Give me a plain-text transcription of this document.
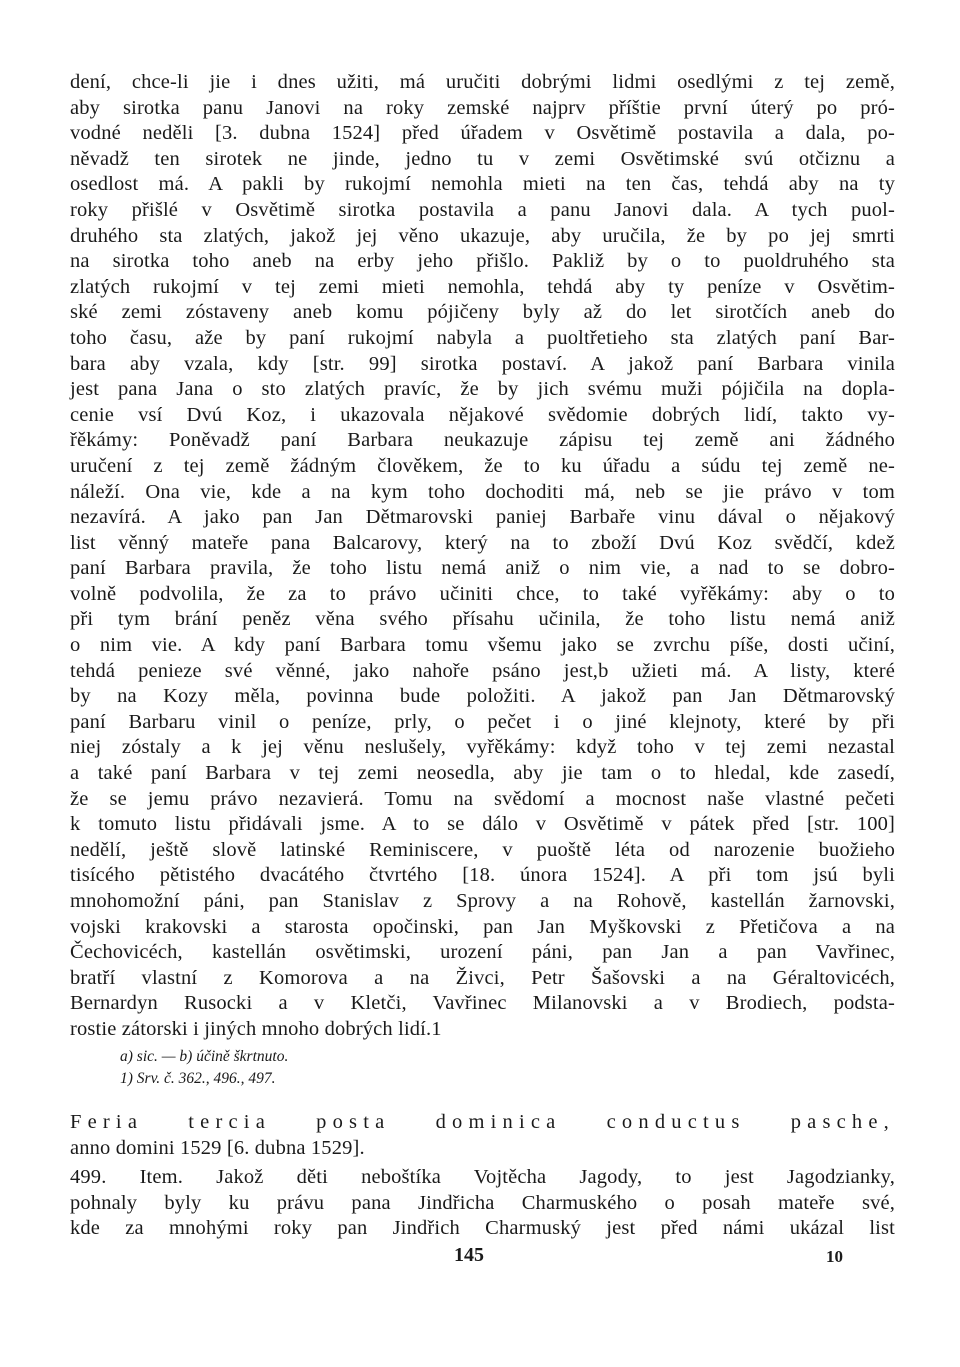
dení, chce-li jie i dnes užiti, má uručiti dobrými lidmi osedlými z tej země,
aby sirotka panu Janovi na roky zemské najprv příštie první úterý po pró-
vodné neděli [3. dubna 1524] před úřadem v Osvětimě postavila a dala, po-
něvadž ten sirotek ne jinde, jedno tu v zemi Osvětimské svú otčiznu a
osedlost má. A pakli by rukojmí nemohla mieti na ten čas, tehdá aby na ty
roky přišlé v Osvětimě sirotka postavila a panu Janovi dala. A tych puol-
druhého sta zlatých, jakož jej věno ukazuje, aby uručila, že by po jej smrti
na sirotka toho aneb na erby jeho přišlo. Pakliž by o to puoldruhého sta
zlatých rukojmí v tej zemi mieti nemohla, tehdá aby ty peníze v Osvětim-
ské zemi zóstaveny aneb komu pójičeny byly až do let sirotčích aneb do
toho času, aže by paní rukojmí nabyla a puoltřetieho sta zlatých paní Bar-
bara aby vzala, kdy [str. 99] sirotka postaví. A jakož paní Barbara vinila
jest pana Jana o sto zlatých pravíc, že by jich svému muži pójičila na dopla-
cenie vsí Dvú Koz, i ukazovala nějakové svědomie dobrých lidí, takto vy-
řěkámy: Poněvadž paní Barbara neukazuje zápisu tej země ani žádného
uručení z tej země žádným člověkem, že to ku úřadu a súdu tej země ne-
náleží. Ona vie, kde a na kym toho dochoditi má, neb se jie právo v tom
nezavírá. A jako pan Jan Dětmarovski paniej Barbaře vinu dával o nějakový
list věnný mateře pana Balcarovy, který na to zboží Dvú Koz svědčí, kdež
paní Barbara pravila, že toho listu nemá aniž o nim vie, a nad to se dobro-
volně podvolila, že za to právo učiniti chce, to také vyřěkámy: aby o to
při tym brání peněz věna svého přísahu učinila, že toho listu nemá aniž
o nim vie. A kdy paní Barbara tomu všemu jako se zvrchu píše, dosti učiní,
tehdá penieze své věnné, jako nahoře psáno jest,b užieti má. A listy, které
by na Kozy měla, povinna bude položiti. A jakož pan Jan Dětmarovský
paní Barbaru vinil o peníze, prly, o pečet i o jiné klejnoty, které by při
niej zóstaly a k jej věnu neslušely, vyřěkámy: když toho v tej zemi nezastal
a také paní Barbara v tej zemi neosedla, aby jie tam o to hledal, kde zasedí,
že se jemu právo nezavierá. Tomu na svědomí a mocnost naše vlastné pečeti
k tomuto listu přidávali jsme. A to se dálo v Osvětimě v pátek před [str. 100]
nedělí, ještě slově latinské Reminiscere, v puoště léta od narozenie buožieho
tisícého pětistého dvacátého čtvrtého [18. února 1524]. A při tom jsú byli
mnohomožní páni, pan Stanislav z Sprovy a na Rohově, kastellán žarnovski,
vojski krakovski a starosta opočinski, pan Jan Myškovski z Přetičova a na
Čechovicéch, kastellán osvětimski, urození páni, pan Jan a pan Vavřinec,
bratří vlastní z Komorova a na Živci, Petr Šašovski a na Géraltovicéch,
Bernardyn Rusocki a v Kletči, Vavřinec Milanovski a v Brodiech, podsta-
rostie zátorski i jiných mnoho dobrých lidí.1
a) sic. — b) účině škrtnuto.
1) Srv. č. 362., 496., 497.
Feria tercia posta dominica conductus pasche,
anno domini 1529 [6. dubna 1529].
499. Item. Jakož děti neboštíka Vojtěcha Jagody, to jest Jagodzianky,
pohnaly byly ku právu pana Jindřicha Charmuského o posah mateře své,
kde za mnohými roky pan Jindřich Charmuský jest před námi ukázal list
145	10
